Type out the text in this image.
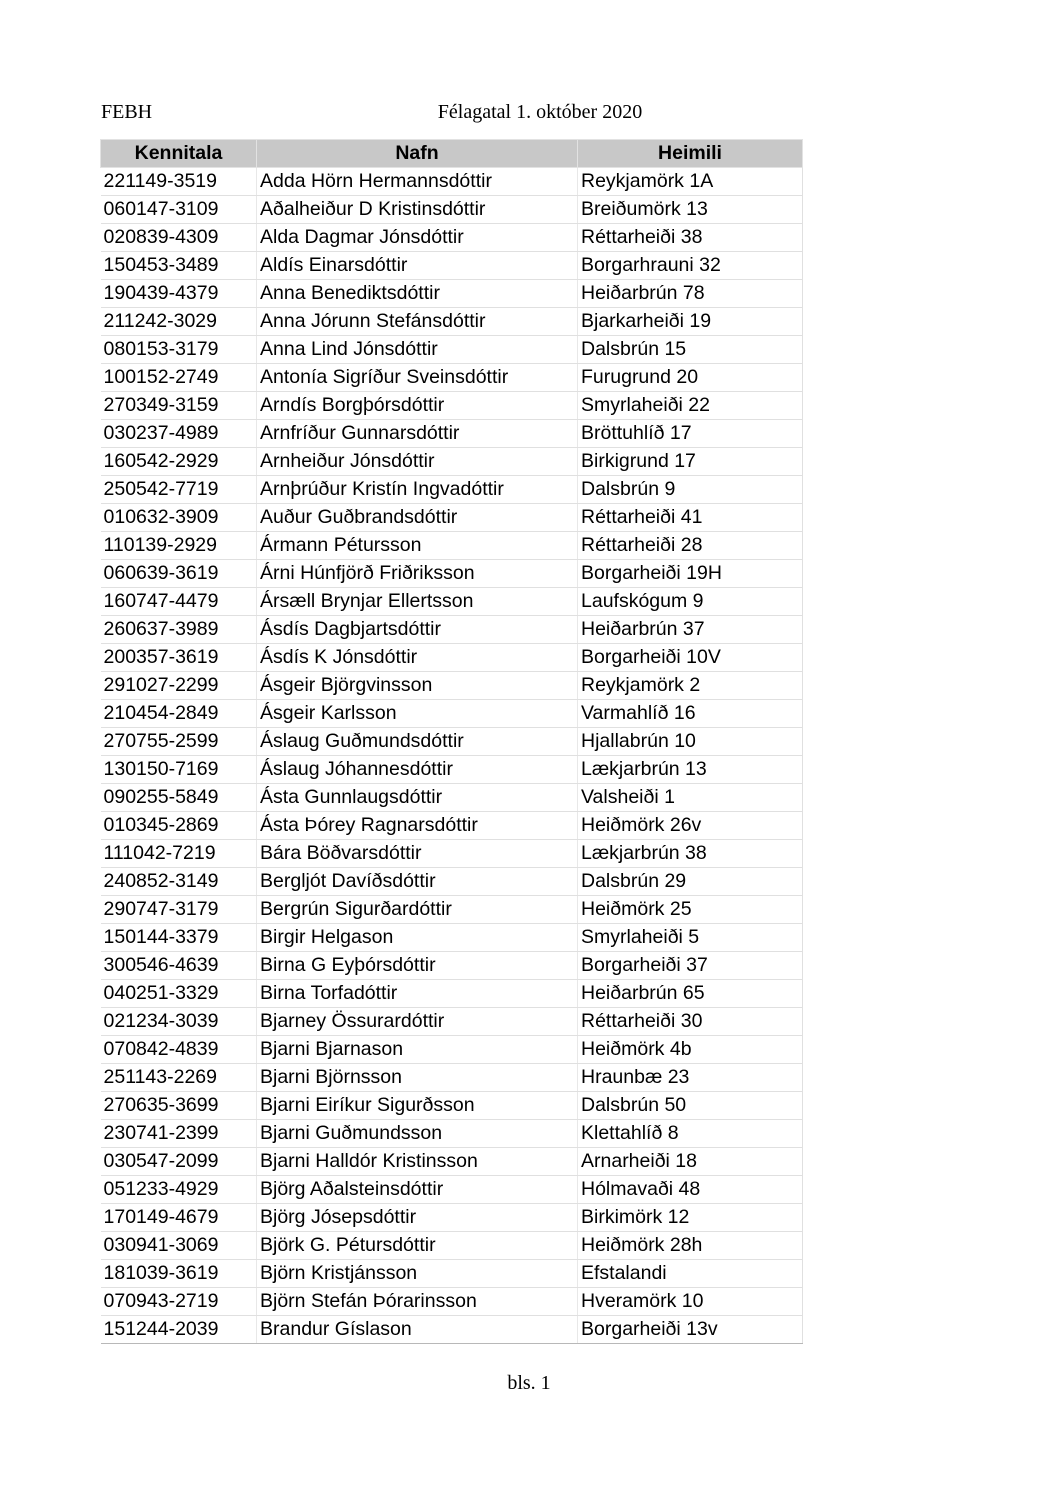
FEBH	Félagatal 1. október 2020
Kennitala	Nafn	Heimili
221149-3519	Adda Hörn Hermannsdóttir	Reykjamörk 1A
060147-3109	Aðalheiður D Kristinsdóttir	Breiðumörk 13
020839-4309	Alda Dagmar Jónsdóttir	Réttarheiði 38
150453-3489	Aldís Einarsdóttir	Borgarhrauni 32
190439-4379	Anna Benediktsdóttir	Heiðarbrún 78
211242-3029	Anna Jórunn Stefánsdóttir	Bjarkarheiði 19
080153-3179	Anna Lind Jónsdóttir	Dalsbrún 15
100152-2749	Antonía Sigríður Sveinsdóttir	Furugrund 20
270349-3159	Arndís Borgþórsdóttir	Smyrlaheiði 22
030237-4989	Arnfríður Gunnarsdóttir	Bröttuhlíð 17
160542-2929	Arnheiður Jónsdóttir	Birkigrund 17
250542-7719	Arnþrúður Kristín Ingvadóttir	Dalsbrún 9
010632-3909	Auður Guðbrandsdóttir	Réttarheiði 41
110139-2929	Ármann Pétursson	Réttarheiði 28
060639-3619	Árni Húnfjörð Friðriksson	Borgarheiði 19H
160747-4479	Ársæll Brynjar Ellertsson	Laufskógum 9
260637-3989	Ásdís Dagbjartsdóttir	Heiðarbrún 37
200357-3619	Ásdís K Jónsdóttir	Borgarheiði 10V
291027-2299	Ásgeir Björgvinsson	Reykjamörk 2
210454-2849	Ásgeir Karlsson	Varmahlíð 16
270755-2599	Áslaug Guðmundsdóttir	Hjallabrún 10
130150-7169	Áslaug Jóhannesdóttir	Lækjarbrún 13
090255-5849	Ásta Gunnlaugsdóttir	Valsheiði 1
010345-2869	Ásta Þórey Ragnarsdóttir	Heiðmörk 26v
111042-7219	Bára Böðvarsdóttir	Lækjarbrún 38
240852-3149	Bergljót Davíðsdóttir	Dalsbrún 29
290747-3179	Bergrún Sigurðardóttir	Heiðmörk 25
150144-3379	Birgir Helgason	Smyrlaheiði 5
300546-4639	Birna G Eyþórsdóttir	Borgarheiði 37
040251-3329	Birna Torfadóttir	Heiðarbrún 65
021234-3039	Bjarney Össurardóttir	Réttarheiði 30
070842-4839	Bjarni Bjarnason	Heiðmörk 4b
251143-2269	Bjarni Björnsson	Hraunbæ 23
270635-3699	Bjarni Eiríkur Sigurðsson	Dalsbrún 50
230741-2399	Bjarni Guðmundsson	Klettahlíð 8
030547-2099	Bjarni Halldór Kristinsson	Arnarheiði 18
051233-4929	Björg Aðalsteinsdóttir	Hólmavaði 48
170149-4679	Björg Jósepsdóttir	Birkimörk 12
030941-3069	Björk G. Pétursdóttir	Heiðmörk 28h
181039-3619	Björn Kristjánsson	Efstalandi
070943-2719	Björn Stefán Þórarinsson	Hveramörk 10
151244-2039	Brandur Gíslason	Borgarheiði 13v
bls. 1
